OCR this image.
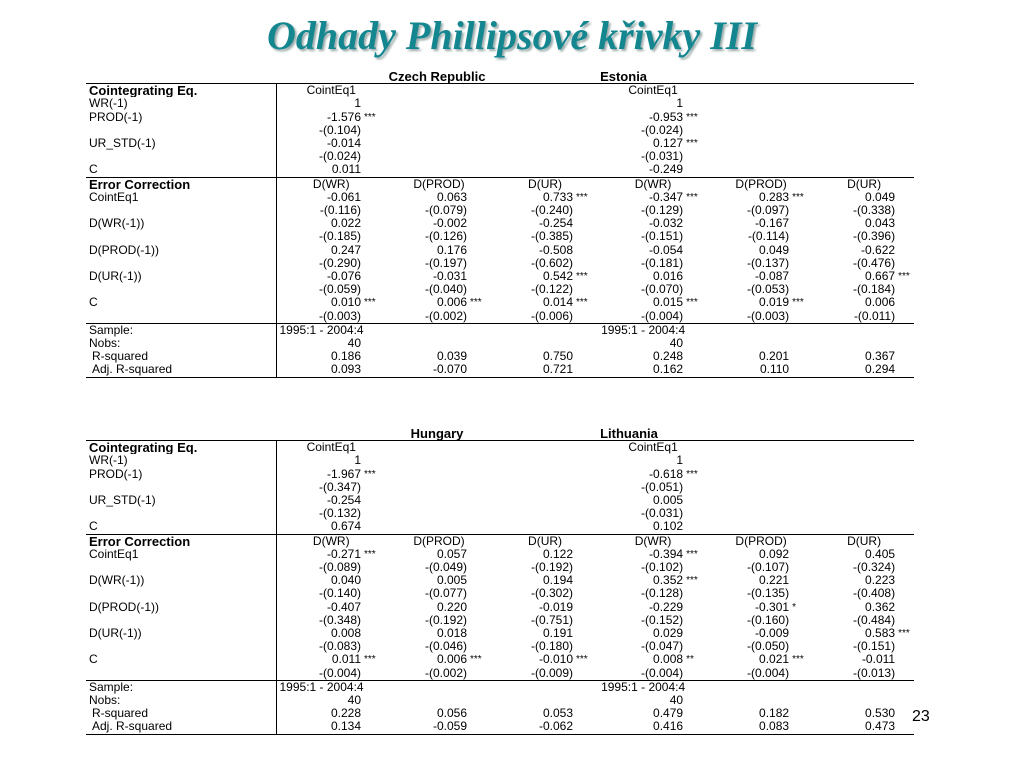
Odhady Phillipsové křivky III
	Czech Republic						Estonia					
Cointegrating Eq.	CointEq1						CointEq1					
WR(-1)	1						1					
PROD(-1)	-1.576	***					-0.953	***				
	-(0.104)						-(0.024)					
UR_STD(-1)	-0.014						0.127	***				
	-(0.024)						-(0.031)					
C	0.011						-0.249					
Error Correction	D(WR)		D(PROD)		D(UR)		D(WR)		D(PROD)		D(UR)	
CointEq1	-0.061		0.063		0.733	***	-0.347	***	0.283	***	0.049	
	-(0.116)		-(0.079)		-(0.240)		-(0.129)		-(0.097)		-(0.338)	
D(WR(-1))	0.022		-0.002		-0.254		-0.032		-0.167		0.043	
	-(0.185)		-(0.126)		-(0.385)		-(0.151)		-(0.114)		-(0.396)	
D(PROD(-1))	0.247		0.176		-0.508		-0.054		0.049		-0.622	
	-(0.290)		-(0.197)		-(0.602)		-(0.181)		-(0.137)		-(0.476)	
D(UR(-1))	-0.076		-0.031		0.542	***	0.016		-0.087		0.667	***
	-(0.059)		-(0.040)		-(0.122)		-(0.070)		-(0.053)		-(0.184)	
C	0.010	***	0.006	***	0.014	***	0.015	***	0.019	***	0.006	
	-(0.003)		-(0.002)		-(0.006)		-(0.004)		-(0.003)		-(0.011)	
Sample:	1995:1 - 2004:4						1995:1 - 2004:4					
Nobs:	40						40					
R-squared	0.186		0.039		0.750		0.248		0.201		0.367	
Adj. R-squared	0.093		-0.070		0.721		0.162		0.110		0.294	
	Hungary						Lithuania					
Cointegrating Eq.	CointEq1						CointEq1					
WR(-1)	1						1					
PROD(-1)	-1.967	***					-0.618	***				
	-(0.347)						-(0.051)					
UR_STD(-1)	-0.254						0.005					
	-(0.132)						-(0.031)					
C	0.674						0.102					
Error Correction	D(WR)		D(PROD)		D(UR)		D(WR)		D(PROD)		D(UR)	
CointEq1	-0.271	***	0.057		0.122		-0.394	***	0.092		0.405	
	-(0.089)		-(0.049)		-(0.192)		-(0.102)		-(0.107)		-(0.324)	
D(WR(-1))	0.040		0.005		0.194		0.352	***	0.221		0.223	
	-(0.140)		-(0.077)		-(0.302)		-(0.128)		-(0.135)		-(0.408)	
D(PROD(-1))	-0.407		0.220		-0.019		-0.229		-0.301	*	0.362	
	-(0.348)		-(0.192)		-(0.751)		-(0.152)		-(0.160)		-(0.484)	
D(UR(-1))	0.008		0.018		0.191		0.029		-0.009		0.583	***
	-(0.083)		-(0.046)		-(0.180)		-(0.047)		-(0.050)		-(0.151)	
C	0.011	***	0.006	***	-0.010	***	0.008	**	0.021	***	-0.011	
	-(0.004)		-(0.002)		-(0.009)		-(0.004)		-(0.004)		-(0.013)	
Sample:	1995:1 - 2004:4						1995:1 - 2004:4					
Nobs:	40						40					
R-squared	0.228		0.056		0.053		0.479		0.182		0.530	
Adj. R-squared	0.134		-0.059		-0.062		0.416		0.083		0.473	
23
